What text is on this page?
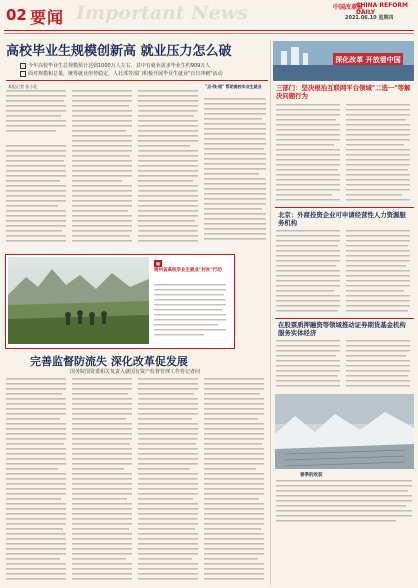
02 要闻 Important News	中国改革报
CHINA REFORM DAILY
2021.06.10 星期四
高校毕业生规模创新高 就业压力怎么破
今年高校毕业生总规模预计达到1000万人左右，其中有就业需求毕业生约909万人
面对规模和总量，统筹就业形势稳定，人社部等部门积极开展毕业生就业"百日冲刺"活动
本报记者 张小北	"点·线·面" 帮助高校毕业生就业
■
贵州省高校毕业生就业"村社"行动
完善监督防流失 深化改革促发展
国务院国资委相关负责人就国有资产监督管理工作答记者问
深化改革 开放看中国
三部门：坚决根治互联网平台领域"二选一"等解决问题行为
北京：外商投资企业可申请经营性人力资源服务机构
在股票质押融资等领域推动证券期货基金机构服务实体经济
春季的收获
